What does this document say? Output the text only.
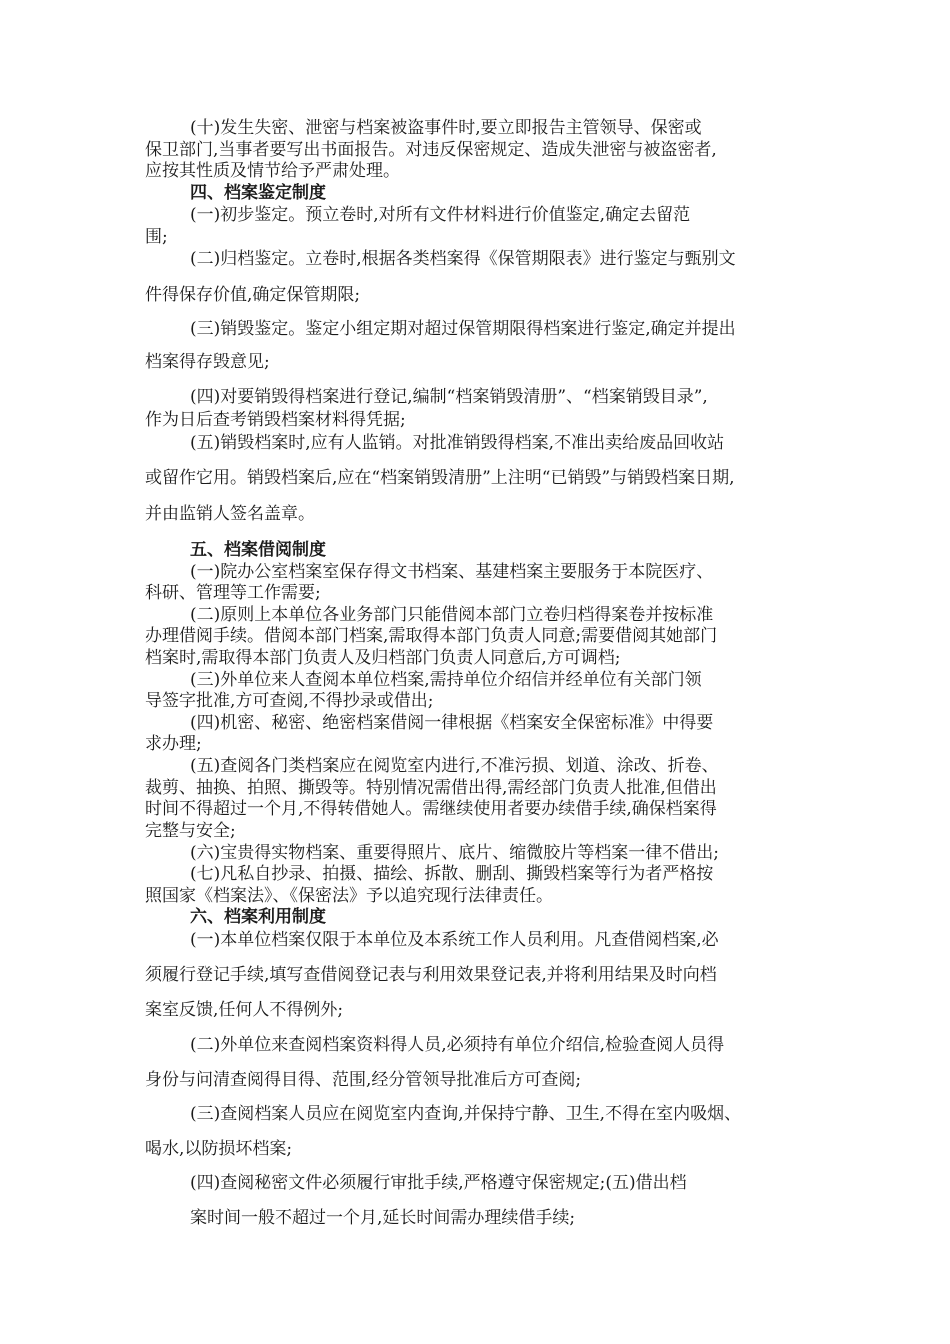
(十)发生失密、泄密与档案被盗事件时,要立即报告主管领导、保密或
保卫部门,当事者要写出书面报告。对违反保密规定、造成失泄密与被盗密者,
应按其性质及情节给予严肃处理。
四、档案鉴定制度
(一)初步鉴定。预立卷时,对所有文件材料进行价值鉴定,确定去留范
围;
(二)归档鉴定。立卷时,根据各类档案得《保管期限表》进行鉴定与甄别文
件得保存价值,确定保管期限;
(三)销毁鉴定。鉴定小组定期对超过保管期限得档案进行鉴定,确定并提出
档案得存毁意见;
(四)对要销毁得档案进行登记,编制“档案销毁清册”、“档案销毁目录”,
作为日后查考销毁档案材料得凭据;
(五)销毁档案时,应有人监销。对批准销毁得档案,不准出卖给废品回收站
或留作它用。销毁档案后,应在“档案销毁清册”上注明“已销毁”与销毁档案日期,
并由监销人签名盖章。
五、档案借阅制度
(一)院办公室档案室保存得文书档案、基建档案主要服务于本院医疗、
科研、管理等工作需要;
(二)原则上本单位各业务部门只能借阅本部门立卷归档得案卷并按标准
办理借阅手续。借阅本部门档案,需取得本部门负责人同意;需要借阅其她部门
档案时,需取得本部门负责人及归档部门负责人同意后,方可调档;
(三)外单位来人查阅本单位档案,需持单位介绍信并经单位有关部门领
导签字批准,方可查阅,不得抄录或借出;
(四)机密、秘密、绝密档案借阅一律根据《档案安全保密标准》中得要
求办理;
(五)查阅各门类档案应在阅览室内进行,不准污损、划道、涂改、折卷、
裁剪、抽换、拍照、撕毁等。特别情况需借出得,需经部门负责人批准,但借出
时间不得超过一个月,不得转借她人。需继续使用者要办续借手续,确保档案得
完整与安全;
(六)宝贵得实物档案、重要得照片、底片、缩微胶片等档案一律不借出;
(七)凡私自抄录、拍摄、描绘、拆散、删刮、撕毁档案等行为者严格按
照国家《档案法》、《保密法》予以追究现行法律责任。
六、档案利用制度
(一)本单位档案仅限于本单位及本系统工作人员利用。凡查借阅档案,必
须履行登记手续,填写查借阅登记表与利用效果登记表,并将利用结果及时向档
案室反馈,任何人不得例外;
(二)外单位来查阅档案资料得人员,必须持有单位介绍信,检验查阅人员得
身份与问清查阅得目得、范围,经分管领导批准后方可查阅;
(三)查阅档案人员应在阅览室内查询,并保持宁静、卫生,不得在室内吸烟、
喝水,以防损坏档案;
(四)查阅秘密文件必须履行审批手续,严格遵守保密规定;(五)借出档
案时间一般不超过一个月,延长时间需办理续借手续;
